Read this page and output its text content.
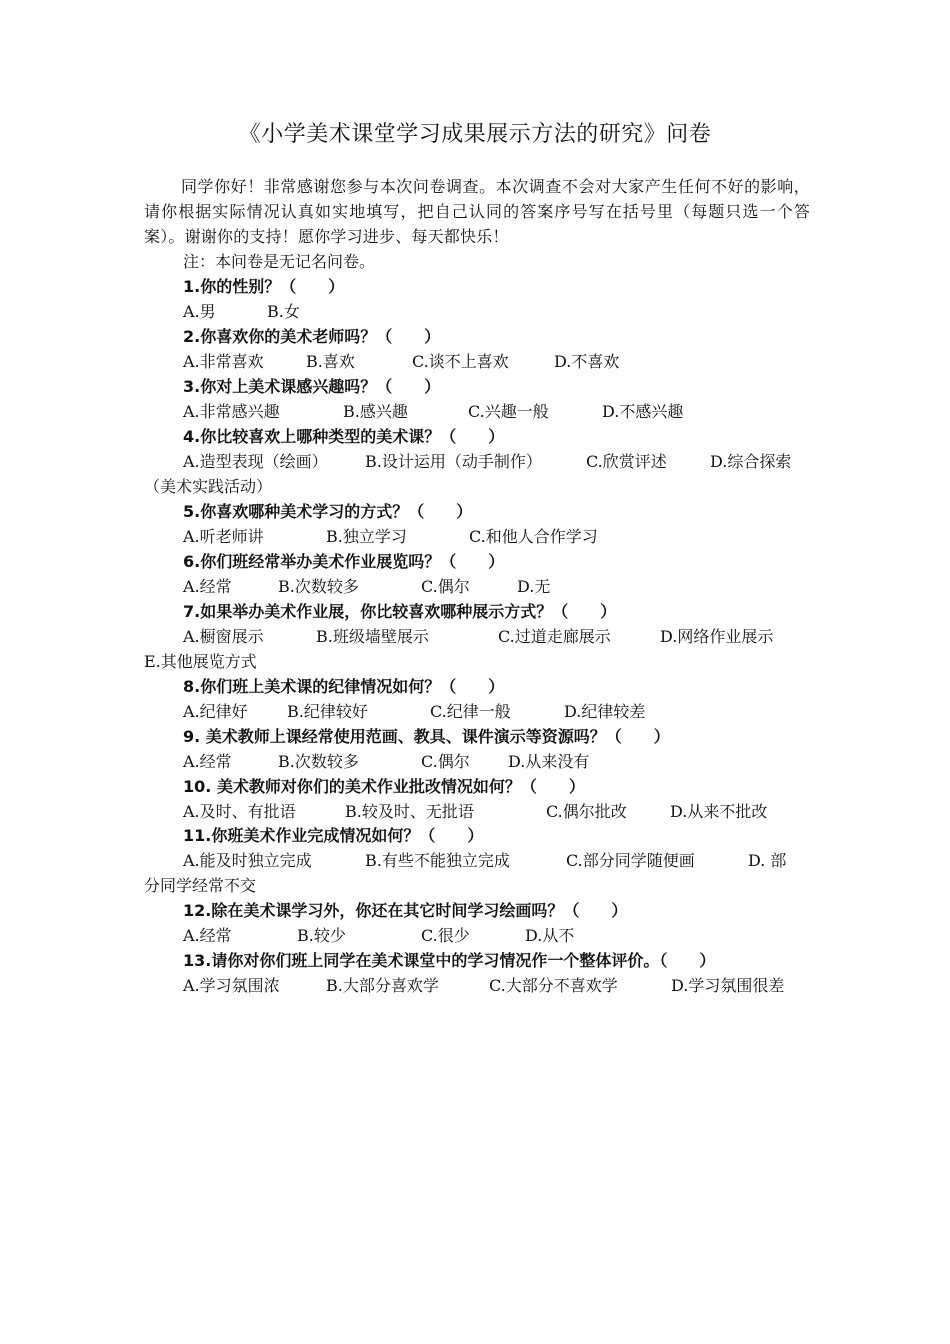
《小学美术课堂学习成果展示方法的研究》问卷
同学你好！非常感谢您参与本次问卷调查。本次调查不会对大家产生任何不好的影响，请你根据实际情况认真如实地填写，把自己认同的答案序号写在括号里（每题只选一个答案）。谢谢你的支持！愿你学习进步、每天都快乐！
注：本问卷是无记名问卷。
1.你的性别？（　　）
A.男	B.女
2.你喜欢你的美术老师吗？（　　）
A.非常喜欢	B.喜欢	C.谈不上喜欢	D.不喜欢
3.你对上美术课感兴趣吗？（　　）
A.非常感兴趣	B.感兴趣	C.兴趣一般	D.不感兴趣
4.你比较喜欢上哪种类型的美术课？（　　）
A.造型表现（绘画） B.设计运用（动手制作）	C.欣赏评述	D.综合探索
（美术实践活动）
5.你喜欢哪种美术学习的方式？（　　）
A.听老师讲	B.独立学习	C.和他人合作学习
6.你们班经常举办美术作业展览吗？（　　）
A.经常	B.次数较多	C.偶尔	D.无
7.如果举办美术作业展，你比较喜欢哪种展示方式？（　　）
A.橱窗展示	B.班级墙壁展示	C.过道走廊展示	D.网络作业展示
E.其他展览方式
8.你们班上美术课的纪律情况如何？（　　）
A.纪律好 B.纪律较好	C.纪律一般	D.纪律较差
9. 美术教师上课经常使用范画、教具、课件演示等资源吗？（　　）
A.经常	B.次数较多	C.偶尔 D.从来没有
10. 美术教师对你们的美术作业批改情况如何？（　　）
A.及时、有批语	B.较及时、无批语	C.偶尔批改	D.从来不批改
11.你班美术作业完成情况如何？（　　）
A.能及时独立完成	B.有些不能独立完成	C.部分同学随便画	D. 部
分同学经常不交
12.除在美术课学习外，你还在其它时间学习绘画吗？（　　）
A.经常	B.较少	C.很少	D.从不
13.请你对你们班上同学在美术课堂中的学习情况作一个整体评价。（　　）
A.学习氛围浓	B.大部分喜欢学	C.大部分不喜欢学	D.学习氛围很差
